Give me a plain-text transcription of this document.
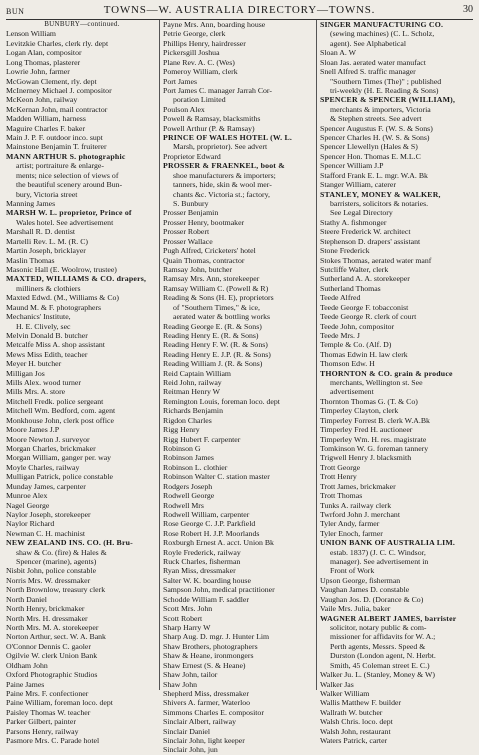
BUN	TOWNS—W. AUSTRALIA DIRECTORY—TOWNS.	30
BUNBURY—continued.
Lenson William
Levitzkie Charles, clerk rly. dept
Logan Alan, compositor
Long Thomas, plasterer
Lowrie John, farmer
McGowan Clement, rly. dept
McInerney Michael J. compositor
McKeon John, railway
McKernan John, mail contractor
Madden William, harness
Maguire Charles F. baker
Main J. P. F. outdoor inco. supt
Mainstone Benjamin T. fruiterer
MANN ARTHUR S. photographic
artist; portraiture & enlarge-
ments; nice selection of views of
the beautiful scenery around Bun-
bury, Victoria street
Manning James
MARSH W. L. proprietor, Prince of
Wales hotel. See advertisement
Marshall R. D. dentist
Martelli Rev. L. M. (R. C)
Martin Joseph, bricklayer
Maslin Thomas
Masonic Hall (E. Woolrow, trustee)
MAXTED, WILLIAMS & CO. drapers,
milliners & clothiers
Maxted Edwd. (M., Williams & Co)
Maund M. & F. photographers
Mechanics' Institute,
H. E. Clively, sec
Melvin Donald B. butcher
Metcalfe Miss A. shop assistant
Mews Miss Edith, teacher
Meyer H. butcher
Milligan Jos
Mills Alex. wood turner
Mills Mrs. A. store
Mitchell Fredk. police sergeant
Mitchell Wm. Bedford, com. agent
Monkhouse John, clerk post office
Moore James J.P
Moore Newton J. surveyor
Morgan Charles, brickmaker
Morgan William, ganger per. way
Moyle Charles, railway
Mulligan Patrick, police constable
Munday James, carpenter
Munroe Alex
Nagel George
Naylor Joseph, storekeeper
Naylor Richard
Newman C. H. machinist
NEW ZEALAND INS. CO. (H. Bru-
shaw & Co. (fire) & Hales &
Spencer (marine), agents)
Nisbit John, police constable
Norris Mrs. W. dressmaker
North Brownlow, treasury clerk
North Daniel
North Henry, brickmaker
North Mrs. H. dressmaker
North Mrs. M. A. storekeeper
Norton Arthur, sect. W. A. Bank
O'Connor Dennis C. gaoler
Ogilvie W. clerk Union Bank
Oldham John
Oxford Photographic Studios
Paine James
Paine Mrs. F. confectioner
Paine William, foreman loco. dept
Paisley Thomas W. teacher
Parker Gilbert, painter
Parsons Henry, railway
Pasmore Mrs. C. Parade hotel
Payne Mrs. Ann, boarding house
Petrie George, clerk
Phillips Henry, hairdresser
Pickersgill Joshua
Plane Rev. A. C. (Wes)
Pomeroy William, clerk
Port James
Port James C. manager Jarrah Cor-
poration Limited
Poulson Alex
Powell & Ramsay, blacksmiths
Powell Arthur (P. & Ramsay)
PRINCE OF WALES HOTEL (W. L.
Marsh, proprietor). See advert
Proprietor Edward
PROSSER & FRAENKEL, boot &
shoe manufacturers & importers;
tanners, hide, skin & wool mer-
chants &c. Victoria st.; factory,
S. Bunbury
Prosser Benjamin
Prosser Henry, bootmaker
Prosser Robert
Prosser Wallace
Pugh Alfred, Cricketers' hotel
Quain Thomas, contractor
Ramsay John, butcher
Ramsay Mrs. Ann, storekeeper
Ramsay William C. (Powell & R)
Reading & Sons (H. E), proprietors
of "Southern Times," & ice,
aerated water & bottling works
Reading George E. (R. & Sons)
Reading Henry E. (R. & Sons)
Reading Henry F. W. (R. & Sons)
Reading Henry E. J.P. (R. & Sons)
Reading William J. (R. & Sons)
Reid Captain William
Reid John, railway
Reitman Henry W
Remington Louis, foreman loco. dept
Richards Benjamin
Rigdon Charles
Rigg Henry
Rigg Hubert F. carpenter
Robinson G
Robinson James
Robinson L. clothier
Robinson Walter C. station master
Rodgers Joseph
Rodwell George
Rodwell Mrs
Rodwell William, carpenter
Rose George C. J.P. Parkfield
Rose Robert H. J.P. Moorlands
Roxburgh Ernest A. acct. Union Bk
Royle Frederick, railway
Ruck Charles, fisherman
Ryan Miss, dressmaker
Salter W. K. boarding house
Sampson John, medical practitioner
Schodde William F. saddler
Scott Mrs. John
Scott Robert
Sharp Harry W
Sharp Aug. D. mgr. J. Hunter Lim
Shaw Brothers, photographers
Shaw & Heane, ironmongers
Shaw Ernest (S. & Heane)
Shaw John, tailor
Shaw John
Shepherd Miss, dressmaker
Shivers A. farmer, Waterloo
Simmons Charles E. compositor
Sinclair Albert, railway
Sinclair Daniel
Sinclair John, light keeper
Sinclair John, jun
SINGER MANUFACTURING CO.
(sewing machines) (C. L. Scholz,
agent). See Alphabetical
Sloan A. W
Sloan Jas. aerated water manufact
Snell Alfred S. traffic manager
"Southern Times (The)" ; published
tri-weekly (H. E. Reading & Sons)
SPENCER & SPENCER (WILLIAM),
merchants & importers, Victoria
& Stephen streets. See advert
Spencer Augustus F. (W. S. & Sons)
Spencer Charles H. (W. S. & Sons)
Spencer Llewellyn (Hales & S)
Spencer Hon. Thomas E. M.L.C
Spencer William J.P
Stafford Frank E. L. mgr. W.A. Bk
Stanger William, caterer
STANLEY, MONEY & WALKER,
barristers, solicitors & notaries.
See Legal Directory
Stathy A. fishmonger
Steere Frederick W. architect
Stephenson D. drapers' assistant
Stone Frederick
Stokes Thomas, aerated water manf
Sutcliffe Walter, clerk
Sutherland A. A. storekeeper
Sutherland Thomas
Teede Alfred
Teede George F. tobacconist
Teede George R. clerk of court
Teede John, compositor
Teede Mrs. J
Temple & Co. (Alf. D)
Thomas Edwin H. law clerk
Thomson Edw. H
THORNTON & CO. grain & produce
merchants, Wellington st. See
advertisement
Thornton Thomas G. (T. & Co)
Timperley Clayton, clerk
Timperley Forrest B. clerk W.A.Bk
Timperley Fred H. auctioneer
Timperley Wm. H. res. magistrate
Tomkinson W. G. foreman tannery
Trigwell Henry J. blacksmith
Trott George
Trott Henry
Trott James, brickmaker
Trott Thomas
Tunks A. railway clerk
Twrford John J. merchant
Tyler Andy, farmer
Tyler Enoch, farmer
UNION BANK OF AUSTRALIA LIM.
estab. 1837) (J. C. C. Windsor,
manager). See advertisement in
Front of Work
Upson George, fisherman
Vaughan James D. constable
Vaughan Jos. D. (Dorance & Co)
Vaile Mrs. Julia, baker
WAGNER ALBERT JAMES, barrister
solicitor, notary public & com-
missioner for affidavits for W. A.;
Perth agents, Messrs. Speed &
Durston (London agent, N. Herbt.
Smith, 45 Coleman street E. C.)
Walker Ju. L. (Stanley, Money & W)
Walker Jas
Walker William
Wallis Matthew F. builder
Wallrath W. butcher
Walsh Chris. loco. dept
Walsh John, restaurant
Waters Patrick, carter
